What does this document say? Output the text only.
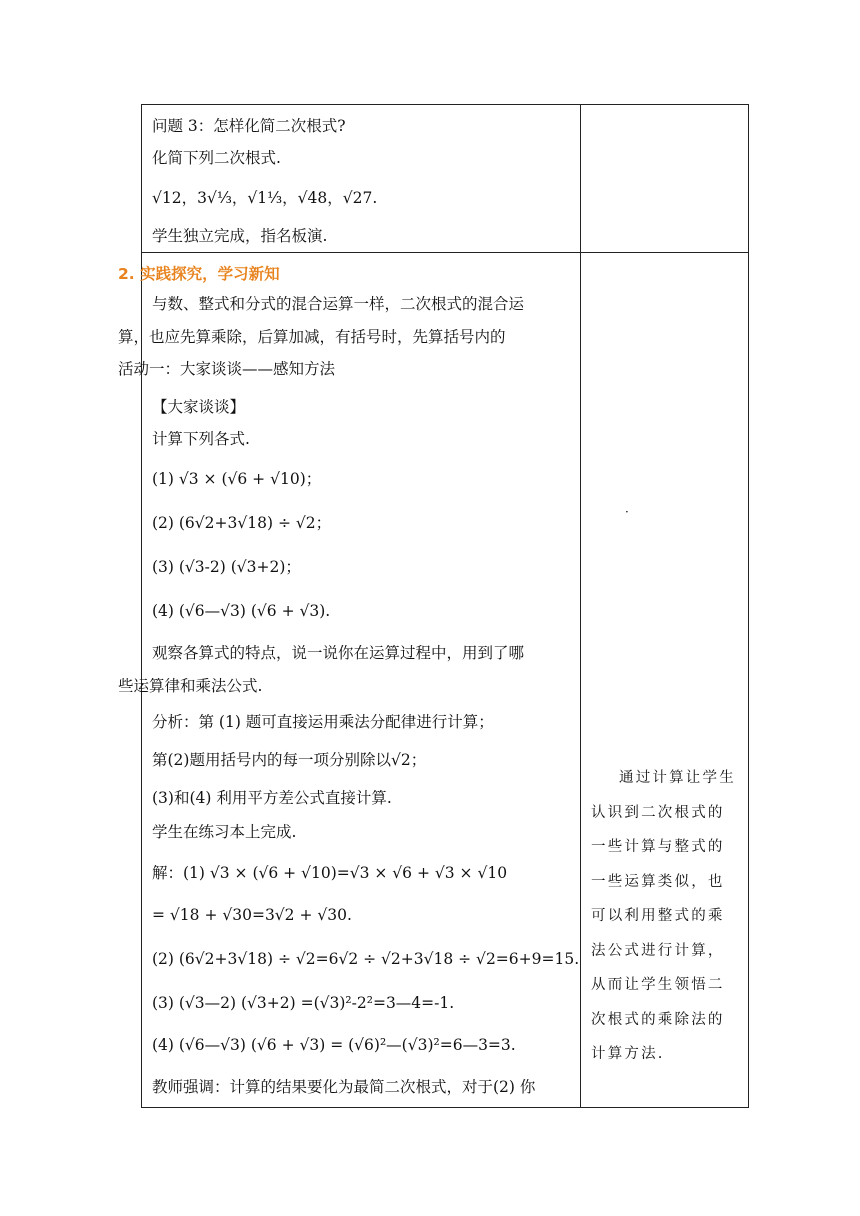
问题 3：怎样化简二次根式?
化简下列二次根式.
√12，3√⅓，√1⅓，√48，√27.
学生独立完成，指名板演.
2. 实践探究，学习新知
与数、整式和分式的混合运算一样，二次根式的混合运
算，也应先算乘除，后算加减，有括号时，先算括号内的
活动一：大家谈谈——感知方法
【大家谈谈】
计算下列各式.
(1) √3 × (√6 + √10)；
(2) (6√2+3√18) ÷ √2；
(3) (√3-2) (√3+2)；
(4) (√6—√3) (√6 + √3).
观察各算式的特点，说一说你在运算过程中，用到了哪
些运算律和乘法公式.
分析：第 (1) 题可直接运用乘法分配律进行计算；
第(2)题用括号内的每一项分别除以√2；
(3)和(4) 利用平方差公式直接计算.
学生在练习本上完成.
解：(1) √3 × (√6 + √10)=√3 × √6 + √3 × √10
= √18 + √30=3√2 + √30.
(2) (6√2+3√18) ÷ √2=6√2 ÷ √2+3√18 ÷ √2=6+9=15.
(3) (√3—2) (√3+2) =(√3)²-2²=3—4=-1.
(4) (√6—√3) (√6 + √3) = (√6)²—(√3)²=6—3=3.
教师强调：计算的结果要化为最简二次根式，对于(2) 你
·
通过计算让学生认识到二次根式的一些计算与整式的一些运算类似，也可以利用整式的乘法公式进行计算，从而让学生领悟二次根式的乘除法的计算方法.
